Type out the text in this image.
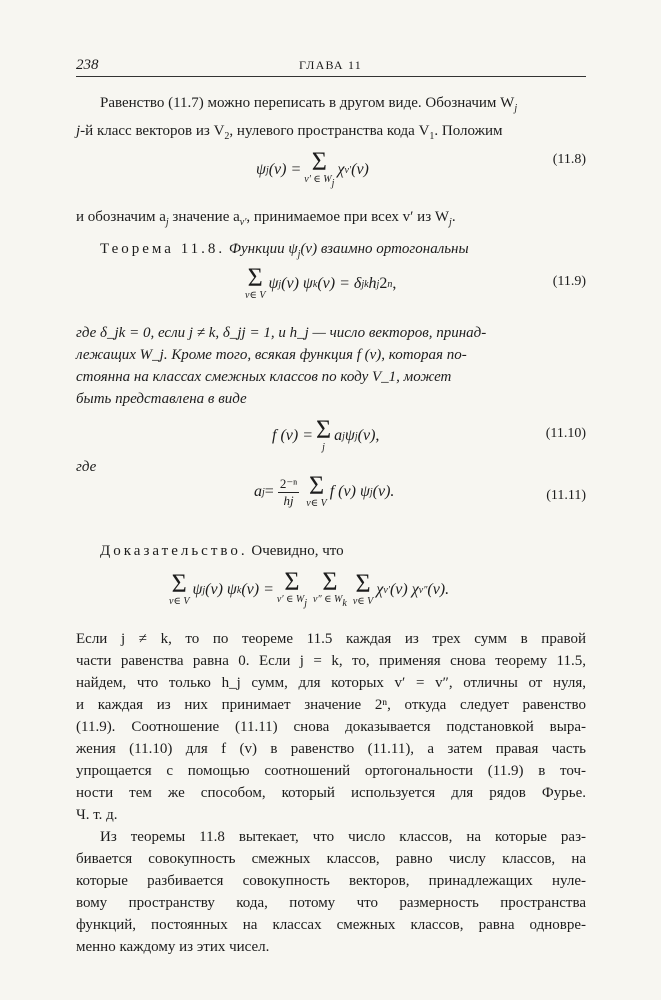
238	ГЛАВА 11

Равенство (11.7) можно переписать в другом виде. Обозначим $W_j$
j-й класс векторов из $V_2$, нулевого пространства кода $V_1$. Положим

ψ j (v) = Σ
v′ ∈ Wj
χ v′ (v)
(11.8)

и обозначим $a_j$ значение $a_{v'}$, принимаемое при всех v′ из $W_j$.

Теорема 11.8. Функции $\psi_j(v)$ взаимно ортогональны

Σ
v∈ V
ψ j (v) ψ k (v) = δ jk h j 2 n ,	(11.9)

где δ_jk = 0, если j ≠ k, δ_jj = 1, и h_j — число векторов, принад-
лежащих W_j. Кроме того, всякая функция f (v), которая по-
стоянна на классах смежных классов по коду V_1, может
быть представлена в виде

f (v) = Σ
j
a j ψ j (v),	(11.10)

где

a $j = \frac{\text{2⁻ⁿ}}{hj}$ Σ
v∈ V
f (v) ψ j (v).	(11.11)

Доказательство. Очевидно, что

Σ
v∈ V
ψ j (v) ψ k (v) = Σ
v′ ∈ Wj
Σ
v″ ∈ Wk
Σ
v∈ V
χ v′ (v) χ v″ (v).

Если j ≠ k, то по теореме 11.5 каждая из трех сумм в правой
части равенства равна 0. Если j = k, то, применяя снова теорему 11.5,
найдем, что только h_j сумм, для которых v′ = v″, отличны от нуля,
и каждая из них принимает значение 2ⁿ, откуда следует равенство
(11.9). Соотношение (11.11) снова доказывается подстановкой выра-
жения (11.10) для f (v) в равенство (11.11), а затем правая часть
упрощается с помощью соотношений ортогональности (11.9) в точ-
ности тем же способом, который используется для рядов Фурье.

Ч. т. д.

Из теоремы 11.8 вытекает, что число классов, на которые раз-
бивается совокупность смежных классов, равно числу классов, на
которые разбивается совокупность векторов, принадлежащих нуле-
вому пространству кода, потому что размерность пространства
функций, постоянных на классах смежных классов, равна одновре-

менно каждому из этих чисел.
